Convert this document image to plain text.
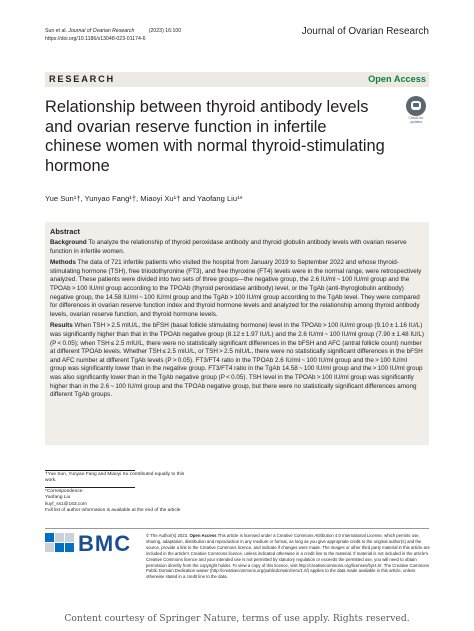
Sun et al. Journal of Ovarian Research          (2023) 16:100
https://doi.org/10.1186/s13048-023-01174-6
Journal of Ovarian Research
RESEARCH	Open Access
Relationship between thyroid antibody levels and ovarian reserve function in infertile chinese women with normal thyroid-stimulating hormone
Check for updates
Yue Sun¹†, Yunyao Fang¹†, Miaoyi Xu¹† and Yaofang Liu¹*
Abstract

Background To analyze the relationship of thyroid peroxidase antibody and thyroid globulin antibody levels with ovarian reserve function in infertile women.

Methods The data of 721 infertile patients who visited the hospital from January 2019 to September 2022 and whose thyroid-stimulating hormone (TSH), free triiodothyronine (FT3), and free thyroxine (FT4) levels were in the normal range, were retrospectively analyzed. These patients were divided into two sets of three groups—the negative group, the 2.6 IU/ml ~ 100 IU/ml group and the TPOAb > 100 IU/ml group according to the TPOAb (thyroid peroxidase antibody) level, or the TgAb (anti-thyroglobulin antibody) negative group, the 14.58 IU/ml ~ 100 IU/ml group and the TgAb > 100 IU/ml group according to the TgAb level. They were compared for differences in ovarian reserve function index and thyroid hormone levels and analyzed for the relationship among thyroid antibody levels, ovarian reserve function, and thyroid hormone levels.

Results When TSH > 2.5 mIU/L, the bFSH (basal follicle stimulating hormone) level in the TPOAb > 100 IU/ml group (9.10 ± 1.16 IU/L) was significantly higher than that in the TPOAb negative group (8.12 ± 1.97 IU/L) and the 2.6 IU/ml ~ 100 IU/ml group (7.90 ± 1.48 IU/L) (P < 0.05); when TSH ≤ 2.5 mIU/L, there were no statistically significant differences in the bFSH and AFC (antral follicle count) number at different TPOAb levels. Whether TSH ≤ 2.5 mIU/L, or TSH > 2.5 mIU/L, there were no statistically significant differences in the bFSH and AFC number at different TgAb levels (P > 0.05). FT3/FT4 ratio in the TPOAb 2.6 IU/ml ~ 100 IU/ml group and the > 100 IU/ml group was significantly lower than in the negative group. FT3/FT4 ratio in the TgAb 14.58 ~ 100 IU/ml group and the > 100 IU/ml group was also significantly lower than in the TgAb negative group (P < 0.05). TSH level in the TPOAb > 100 IU/ml group was significantly higher than in the 2.6 ~ 100 IU/ml group and the TPOAb negative group, but there were no statistically significant differences among different TgAb groups.

†Yue Sun, Yunyao Fang and Miaoyi Xu contributed equally to this work.
*Correspondence:
Yaofang Liu
liuyf_ss1@163.com
Full list of author information is available at the end of the article
BMC	© The Author(s) 2023. Open Access This article is licensed under a Creative Commons Attribution 4.0 International License, which permits use, sharing, adaptation, distribution and reproduction in any medium or format, as long as you give appropriate credit to the original author(s) and the source, provide a link to the Creative Commons licence, and indicate if changes were made. The images or other third party material in this article are included in the article’s Creative Commons licence, unless indicated otherwise in a credit line to the material. If material is not included in the article’s Creative Commons licence and your intended use is not permitted by statutory regulation or exceeds the permitted use, you will need to obtain permission directly from the copyright holder. To view a copy of this licence, visit http://creativecommons.org/licenses/by/4.0/. The Creative Commons Public Domain Dedication waiver (http://creativecommons.org/publicdomain/zero/1.0/) applies to the data made available in this article, unless otherwise stated in a credit line to the data.
Content courtesy of Springer Nature, terms of use apply. Rights reserved.
